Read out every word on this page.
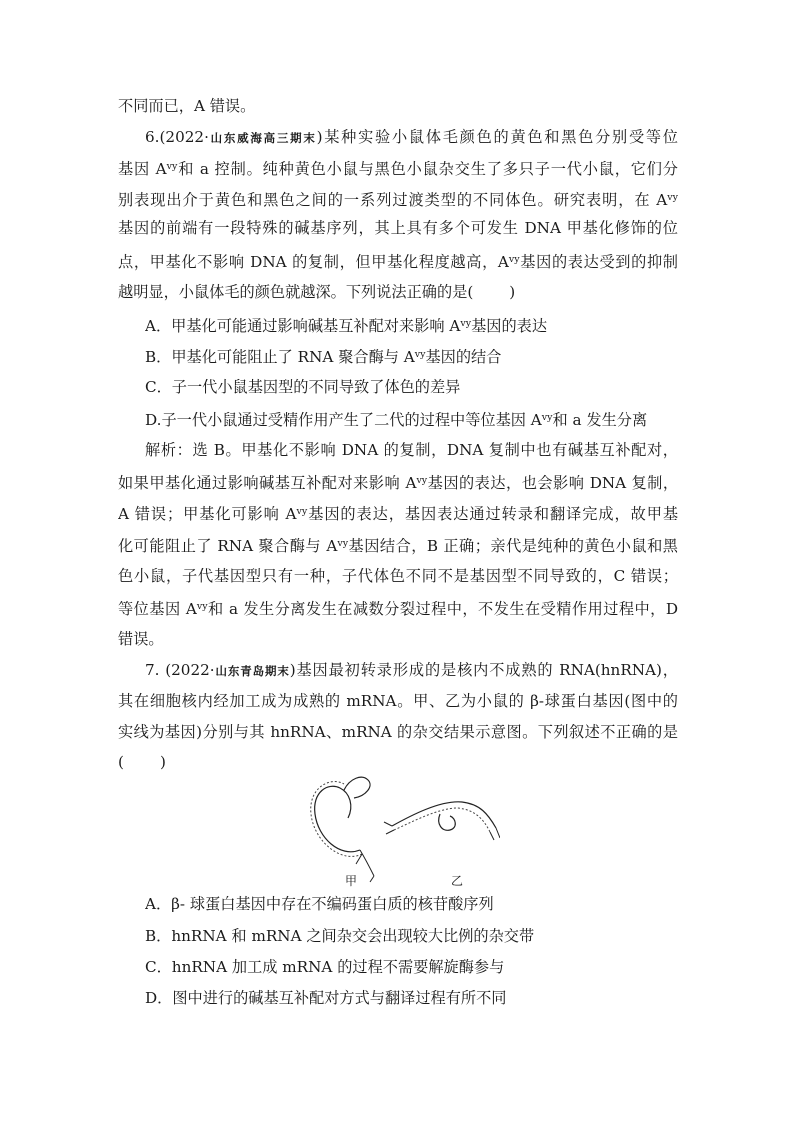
不同而已，A 错误。
6.(2022·山东威海高三期末)某种实验小鼠体毛颜色的黄色和黑色分别受等位
基因 $A^{vy}$和 a 控制。纯种黄色小鼠与黑色小鼠杂交生了多只子一代小鼠，它们分
别表现出介于黄色和黑色之间的一系列过渡类型的不同体色。研究表明，在 $A^{vy}$
基因的前端有一段特殊的碱基序列，其上具有多个可发生 DNA 甲基化修饰的位
点，甲基化不影响 DNA 的复制，但甲基化程度越高，$A^{vy}$基因的表达受到的抑制
越明显，小鼠体毛的颜色就越深。下列说法正确的是( )
A．甲基化可能通过影响碱基互补配对来影响 $A^{vy}$基因的表达
B．甲基化可能阻止了 RNA 聚合酶与 $A^{vy}$基因的结合
C．子一代小鼠基因型的不同导致了体色的差异
D.子一代小鼠通过受精作用产生了二代的过程中等位基因 $A^{vy}$和 a 发生分离
解析：选 B。甲基化不影响 DNA 的复制，DNA 复制中也有碱基互补配对，
如果甲基化通过影响碱基互补配对来影响 $A^{vy}$基因的表达，也会影响 DNA 复制，
A 错误；甲基化可影响 $A^{vy}$基因的表达，基因表达通过转录和翻译完成，故甲基
化可能阻止了 RNA 聚合酶与 $A^{vy}$基因结合，B 正确；亲代是纯种的黄色小鼠和黑
色小鼠，子代基因型只有一种，子代体色不同不是基因型不同导致的，C 错误；
等位基因 $A^{vy}$和 a 发生分离发生在减数分裂过程中，不发生在受精作用过程中，D
错误。
7. (2022·山东青岛期末)基因最初转录形成的是核内不成熟的 RNA(hnRNA)，
其在细胞核内经加工成为成熟的 mRNA。甲、乙为小鼠的 β-球蛋白基因(图中的
实线为基因)分别与其 hnRNA、mRNA 的杂交结果示意图。下列叙述不正确的是
( )
甲	乙
A．β- 球蛋白基因中存在不编码蛋白质的核苷酸序列
B．hnRNA 和 mRNA 之间杂交会出现较大比例的杂交带
C．hnRNA 加工成 mRNA 的过程不需要解旋酶参与
D．图中进行的碱基互补配对方式与翻译过程有所不同
